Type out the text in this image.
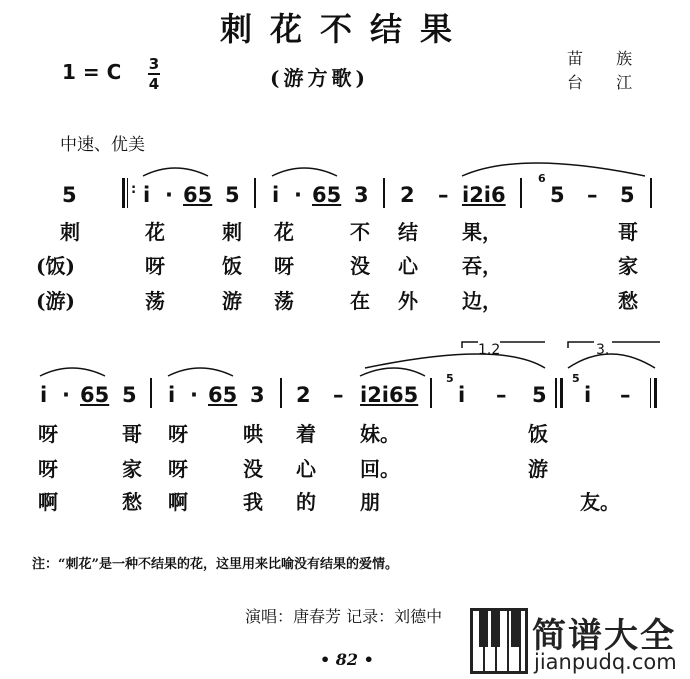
刺花不结果
1 = C 3
4	(游方歌)
苗 族
台 江
中速、优美
5	: i · 65 5 i · 65 3 2 – i2i6
6
5 – 5
刺	花	刺 花	不 结 果，	哥
(饭)	呀	饭 呀	没 心 吞，	家
(游)	荡	游 荡	在 外 边，	愁
i · 65 5 i · 65 3 2 – i2i65
5
i – 5
5
i –
1.2	3.
呀	哥 呀	哄 着 妹。	饭
呀	家 呀	没 心 回。	游
啊	愁 啊	我 的 朋	友。
注：“刺花”是一种不结果的花，这里用来比喻没有结果的爱情。
演唱：唐春芳 记录：刘德中
• 82 •
简谱大全
jianpudq.com
